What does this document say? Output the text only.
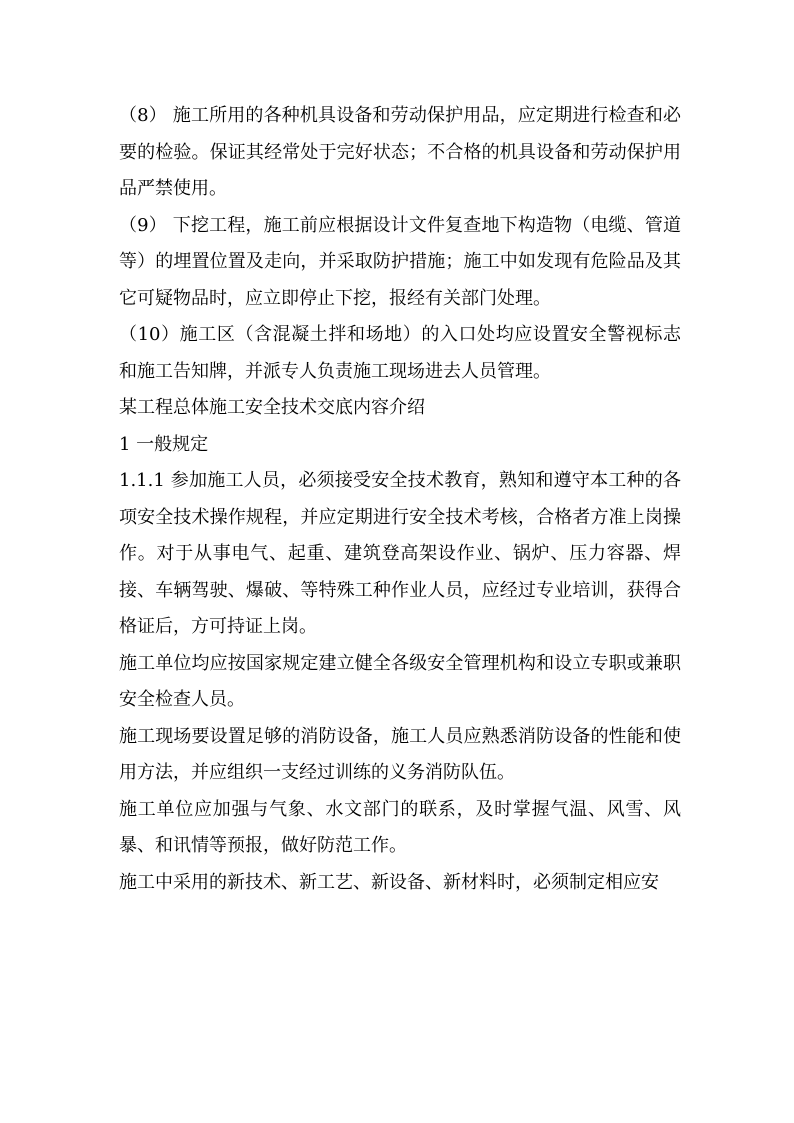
（8） 施工所用的各种机具设备和劳动保护用品，应定期进行检查和必要的检验。保证其经常处于完好状态；不合格的机具设备和劳动保护用品严禁使用。

（9） 下挖工程，施工前应根据设计文件复查地下构造物（电缆、管道等）的埋置位置及走向，并采取防护措施；施工中如发现有危险品及其它可疑物品时，应立即停止下挖，报经有关部门处理。

（10）施工区（含混凝土拌和场地）的入口处均应设置安全警视标志和施工告知牌，并派专人负责施工现场进去人员管理。

某工程总体施工安全技术交底内容介绍

1 一般规定

1.1.1 参加施工人员，必须接受安全技术教育，熟知和遵守本工种的各项安全技术操作规程，并应定期进行安全技术考核，合格者方准上岗操作。对于从事电气、起重、建筑登高架设作业、锅炉、压力容器、焊接、车辆驾驶、爆破、等特殊工种作业人员，应经过专业培训，获得合格证后，方可持证上岗。

施工单位均应按国家规定建立健全各级安全管理机构和设立专职或兼职安全检查人员。

施工现场要设置足够的消防设备，施工人员应熟悉消防设备的性能和使用方法，并应组织一支经过训练的义务消防队伍。

施工单位应加强与气象、水文部门的联系，及时掌握气温、风雪、风暴、和讯情等预报，做好防范工作。

施工中采用的新技术、新工艺、新设备、新材料时，必须制定相应安
